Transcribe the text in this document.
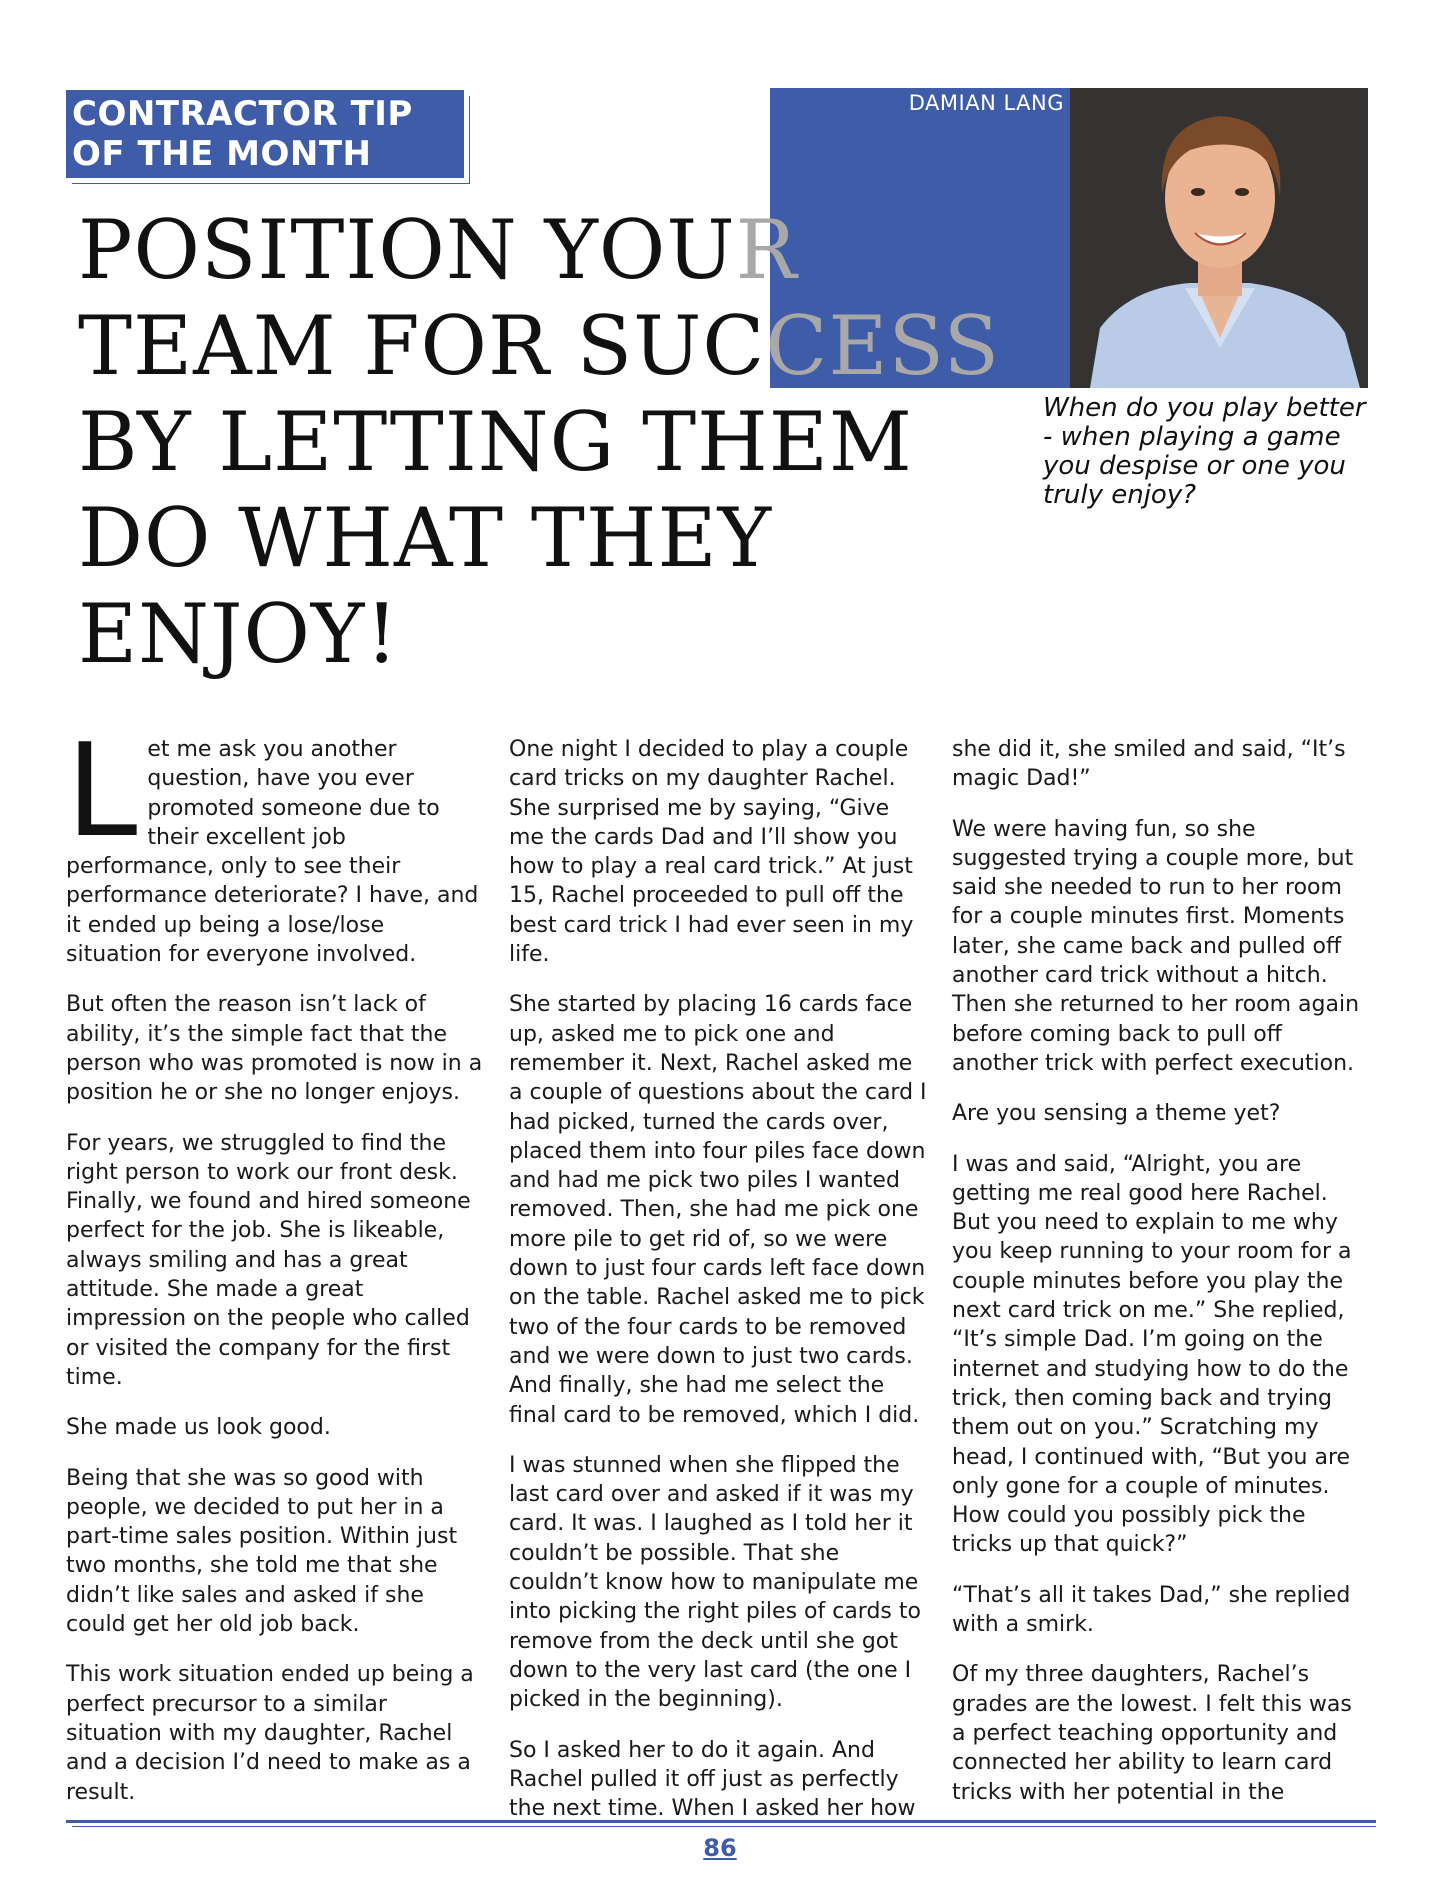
CONTRACTOR TIP
OF THE MONTH
DAMIAN LANG
When do you play better - when playing a game you despise or one you truly enjoy?
POSITION YOUR
TEAM FOR SUCCESS
BY LETTING THEM
DO WHAT THEY
ENJOY!

Let me ask you another question, have you ever promoted someone due to their excellent job performance, only to see their performance deteriorate? I have, and it ended up being a lose/lose situation for everyone involved.

But often the reason isn’t lack of ability, it’s the simple fact that the person who was promoted is now in a position he or she no longer enjoys.

For years, we struggled to find the right person to work our front desk. Finally, we found and hired someone perfect for the job. She is likeable, always smiling and has a great attitude. She made a great impression on the people who called or visited the company for the first time.

She made us look good.

Being that she was so good with people, we decided to put her in a part-time sales position. Within just two months, she told me that she didn’t like sales and asked if she could get her old job back.

This work situation ended up being a perfect precursor to a similar situation with my daughter, Rachel and a decision I’d need to make as a result.

One night I decided to play a couple card tricks on my daughter Rachel. She surprised me by saying, “Give me the cards Dad and I’ll show you how to play a real card trick.” At just 15, Rachel proceeded to pull off the best card trick I had ever seen in my life.

She started by placing 16 cards face up, asked me to pick one and remember it. Next, Rachel asked me a couple of questions about the card I had picked, turned the cards over, placed them into four piles face down and had me pick two piles I wanted removed. Then, she had me pick one more pile to get rid of, so we were down to just four cards left face down on the table. Rachel asked me to pick two of the four cards to be removed and we were down to just two cards. And finally, she had me select the final card to be removed, which I did.

I was stunned when she flipped the last card over and asked if it was my card. It was. I laughed as I told her it couldn’t be possible. That she couldn’t know how to manipulate me into picking the right piles of cards to remove from the deck until she got down to the very last card (the one I picked in the beginning).

So I asked her to do it again. And Rachel pulled it off just as perfectly the next time. When I asked her how

she did it, she smiled and said, “It’s magic Dad!”

We were having fun, so she suggested trying a couple more, but said she needed to run to her room for a couple minutes first. Moments later, she came back and pulled off another card trick without a hitch. Then she returned to her room again before coming back to pull off another trick with perfect execution.

Are you sensing a theme yet?

I was and said, “Alright, you are getting me real good here Rachel. But you need to explain to me why you keep running to your room for a couple minutes before you play the next card trick on me.” She replied, “It’s simple Dad. I’m going on the internet and studying how to do the trick, then coming back and trying them out on you.” Scratching my head, I continued with, “But you are only gone for a couple of minutes. How could you possibly pick the tricks up that quick?”

“That’s all it takes Dad,” she replied with a smirk.

Of my three daughters, Rachel’s grades are the lowest. I felt this was a perfect teaching opportunity and connected her ability to learn card tricks with her potential in the

86
